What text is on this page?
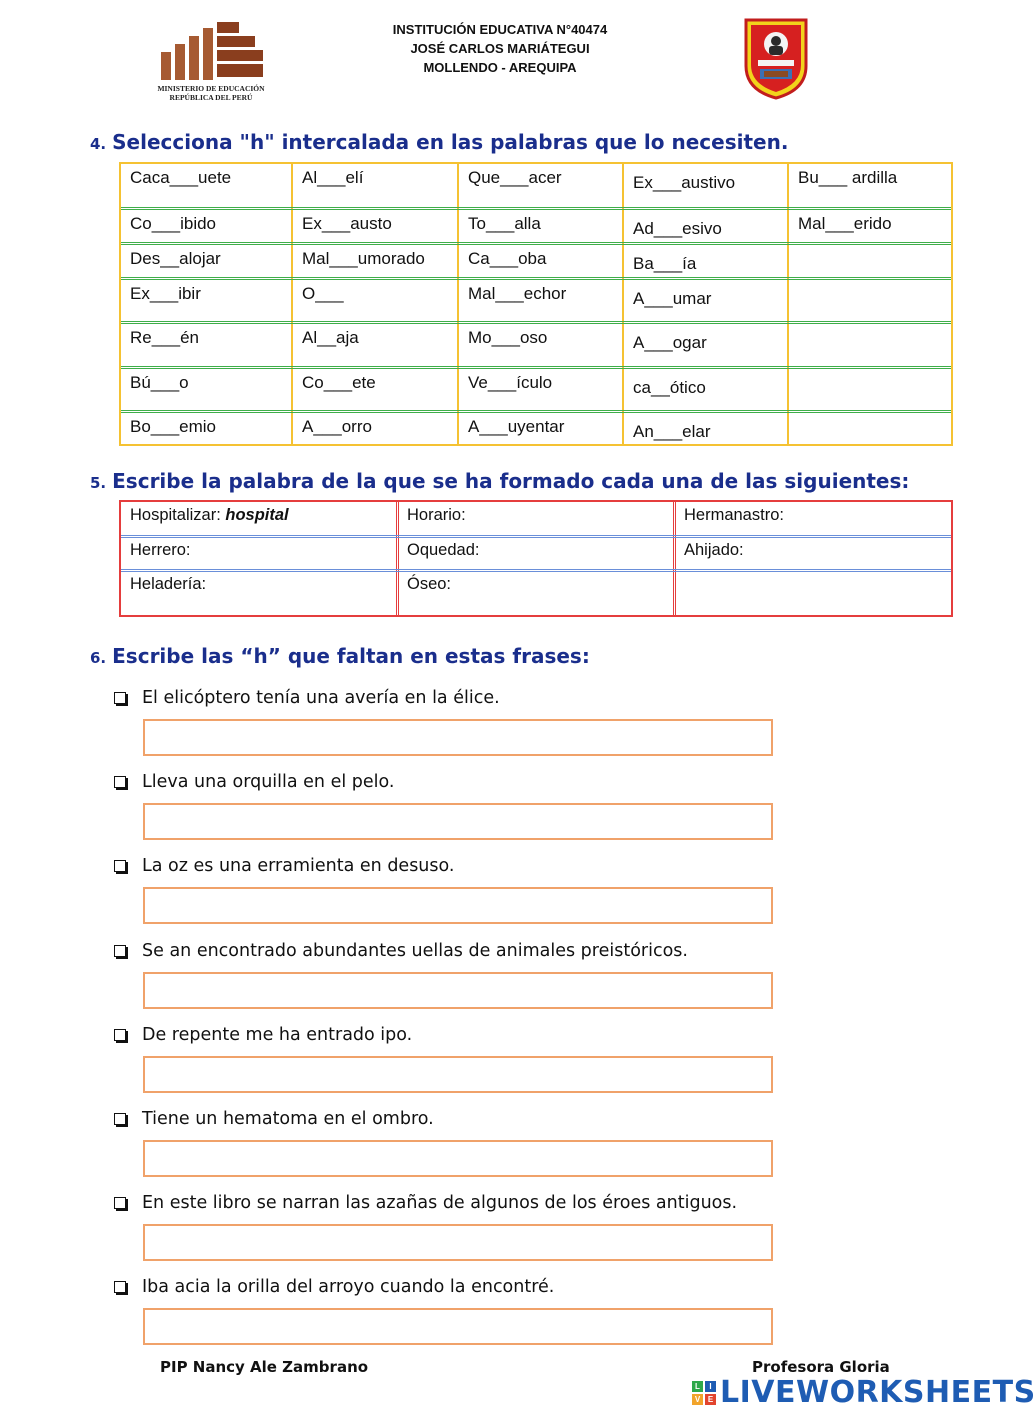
MINISTERIO DE EDUCACIÓN
REPÚBLICA DEL PERÚ
INSTITUCIÓN EDUCATIVA N°40474
JOSÉ CARLOS MARIÁTEGUI
MOLLENDO - AREQUIPA
4. Selecciona "h" intercalada en las palabras que lo necesiten.
Caca___uete	Al___elí	Que___acer	Ex___austivo	Bu___ ardilla
Co___ibido	Ex___austo	To___alla	Ad___esivo	Mal___erido
Des__alojar	Mal___umorado	Ca___oba	Ba___ía
Ex___ibir	O___	Mal___echor	A___umar
Re___én	Al__aja	Mo___oso	A___ogar
Bú___o	Co___ete	Ve___ículo	ca__ótico
Bo___emio	A___orro	A___uyentar	An___elar
5. Escribe la palabra de la que se ha formado cada una de las siguientes:
Hospitalizar: hospital	Horario:	Hermanastro:
Herrero:	Oquedad:	Ahijado:
Heladería:	Óseo:
6. Escribe las “h” que faltan en estas frases:
El elicóptero tenía una avería en la élice.
Lleva una orquilla en el pelo.
La oz es una erramienta en desuso.
Se an encontrado abundantes uellas de animales preistóricos.
De repente me ha entrado ipo.
Tiene un hematoma en el ombro.
En este libro se narran las azañas de algunos de los éroes antiguos.
Iba acia la orilla del arroyo cuando la encontré.
PIP Nancy Ale Zambrano	Profesora Gloria
L	I
V E LIVEWORKSHEETS
